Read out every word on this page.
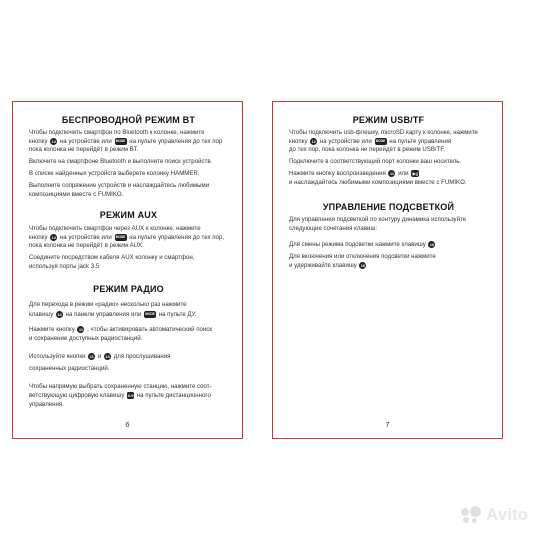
БЕСПРОВОДНОЙ РЕЖИМ BT

Чтобы подключить смартфон по Bluetooth к колонке, нажмите

кнопку 12 на устройстве или MODE на пульте управления до тех пор

пока колонка не перейдёт в режим BT.

Включите на смартфоне Bluetooth и выполните поиск устройств.

В списке найденных устройств выберете колонку HAMMER.

Выполните сопряжение устройств и наслаждайтесь любимыми

композициями вместе с FUMIKO.

РЕЖИМ AUX

Чтобы подключить смартфон через AUX к колонке, нажмите

кнопку 12 на устройстве или MODE на пульте управления до тех пор,

пока колонка не перейдёт в режим AUX.

Соедините посредством кабеля AUX колонку и смартфон,

используя порты jack 3.5

РЕЖИМ РАДИО

Для перехода в режим «радио» несколько раз нажмите

клавишу 12 на панели управления или MODE на пульте ДУ.

Нажмите кнопку 11 , чтобы активировать автоматический поиск

и сохранение доступных радиостанций.

Используйте кнопки 11 и 13 для прослушивания

сохраненных радиостанций.

Чтобы напрямую выбрать сохраненную станцию, нажмите соот-

ветствующую цифровую клавишу 0-9 на пульте дистанционного

управления.

6
РЕЖИМ USB/TF

Чтобы подключить usb-флешку, microSD карту к колонке, нажмите

кнопку 12 на устройстве или MODE на пульте управления

до тех пор, пока колонка не перейдёт в режим USB/TF.

Подключите в соответствующий порт колонки ваш носитель.

Нажмите кнопку воспроизведения 11 или ▶||

и наслаждайтесь любимыми композициями вместе с FUMIKO.

УПРАВЛЕНИЕ ПОДСВЕТКОЙ

Для управления подсветкой по контуру динамика используйте

следующие сочетания клавиш:

Для смены режима подсветки нажмите клавишу 10

Для включения или отключения подсветки нажмите

и удерживайте клавишу 10

7
Avito
